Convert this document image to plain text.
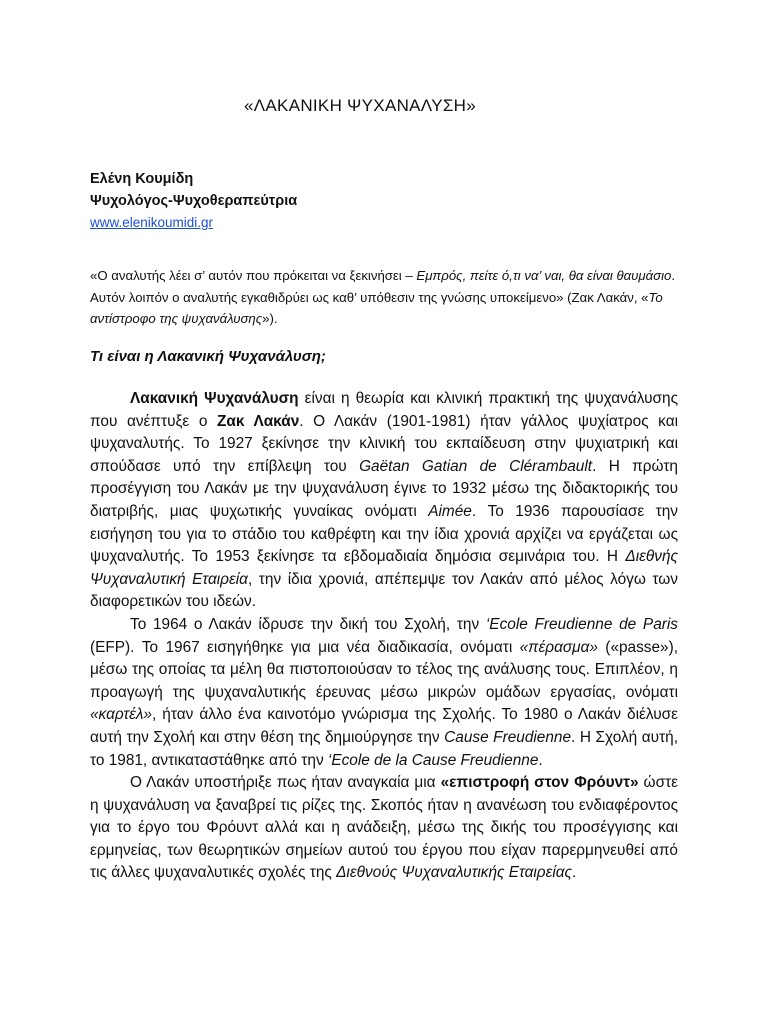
«ΛΑΚΑΝΙΚΗ ΨΥΧΑΝΑΛΥΣΗ»
Ελένη Κουμίδη
Ψυχολόγος-Ψυχοθεραπεύτρια
www.elenikoumidi.gr
«Ο αναλυτής λέει σ’ αυτόν που πρόκειται να ξεκινήσει – Εμπρός, πείτε ό,τι να’ ναι, θα είναι θαυμάσιο. Αυτόν λοιπόν ο αναλυτής εγκαθιδρύει ως καθ’ υπόθεσιν της γνώσης υποκείμενο» (Ζακ Λακάν, «Το αντίστροφο της ψυχανάλυσης»).
Τι είναι η Λακανική Ψυχανάλυση;

Λακανική Ψυχανάλυση είναι η θεωρία και κλινική πρακτική της ψυχανάλυσης που ανέπτυξε ο Ζακ Λακάν. Ο Λακάν (1901-1981) ήταν γάλλος ψυχίατρος και ψυχαναλυτής. Το 1927 ξεκίνησε την κλινική του εκπαίδευση στην ψυχιατρική και σπούδασε υπό την επίβλεψη του Gaëtan Gatian de Clérambault. Η πρώτη προσέγγιση του Λακάν με την ψυχανάλυση έγινε το 1932 μέσω της διδακτορικής του διατριβής, μιας ψυχωτικής γυναίκας ονόματι Aimée. Το 1936 παρουσίασε την εισήγηση του για το στάδιο του καθρέφτη και την ίδια χρονιά αρχίζει να εργάζεται ως ψυχαναλυτής. Το 1953 ξεκίνησε τα εβδομαδιαία δημόσια σεμινάρια του. Η Διεθνής Ψυχαναλυτική Εταιρεία, την ίδια χρονιά, απέπεμψε τον Λακάν από μέλος λόγω των διαφορετικών του ιδεών.

Το 1964 ο Λακάν ίδρυσε την δική του Σχολή, την ‘Ecole Freudienne de Paris (EFP). Το 1967 εισηγήθηκε για μια νέα διαδικασία, ονόματι «πέρασμα» («passe»), μέσω της οποίας τα μέλη θα πιστοποιούσαν το τέλος της ανάλυσης τους. Επιπλέον, η προαγωγή της ψυχαναλυτικής έρευνας μέσω μικρών ομάδων εργασίας, ονόματι «καρτέλ», ήταν άλλο ένα καινοτόμο γνώρισμα της Σχολής. Το 1980 ο Λακάν διέλυσε αυτή την Σχολή και στην θέση της δημιούργησε την Cause Freudienne. Η Σχολή αυτή, το 1981, αντικαταστάθηκε από την ‘Ecole de la Cause Freudienne.

Ο Λακάν υποστήριξε πως ήταν αναγκαία μια «επιστροφή στον Φρόυντ» ώστε η ψυχανάλυση να ξαναβρεί τις ρίζες της. Σκοπός ήταν η ανανέωση του ενδιαφέροντος για το έργο του Φρόυντ αλλά και η ανάδειξη, μέσω της δικής του προσέγγισης και ερμηνείας, των θεωρητικών σημείων αυτού του έργου που είχαν παρερμηνευθεί από τις άλλες ψυχαναλυτικές σχολές της Διεθνούς Ψυχαναλυτικής Εταιρείας.
